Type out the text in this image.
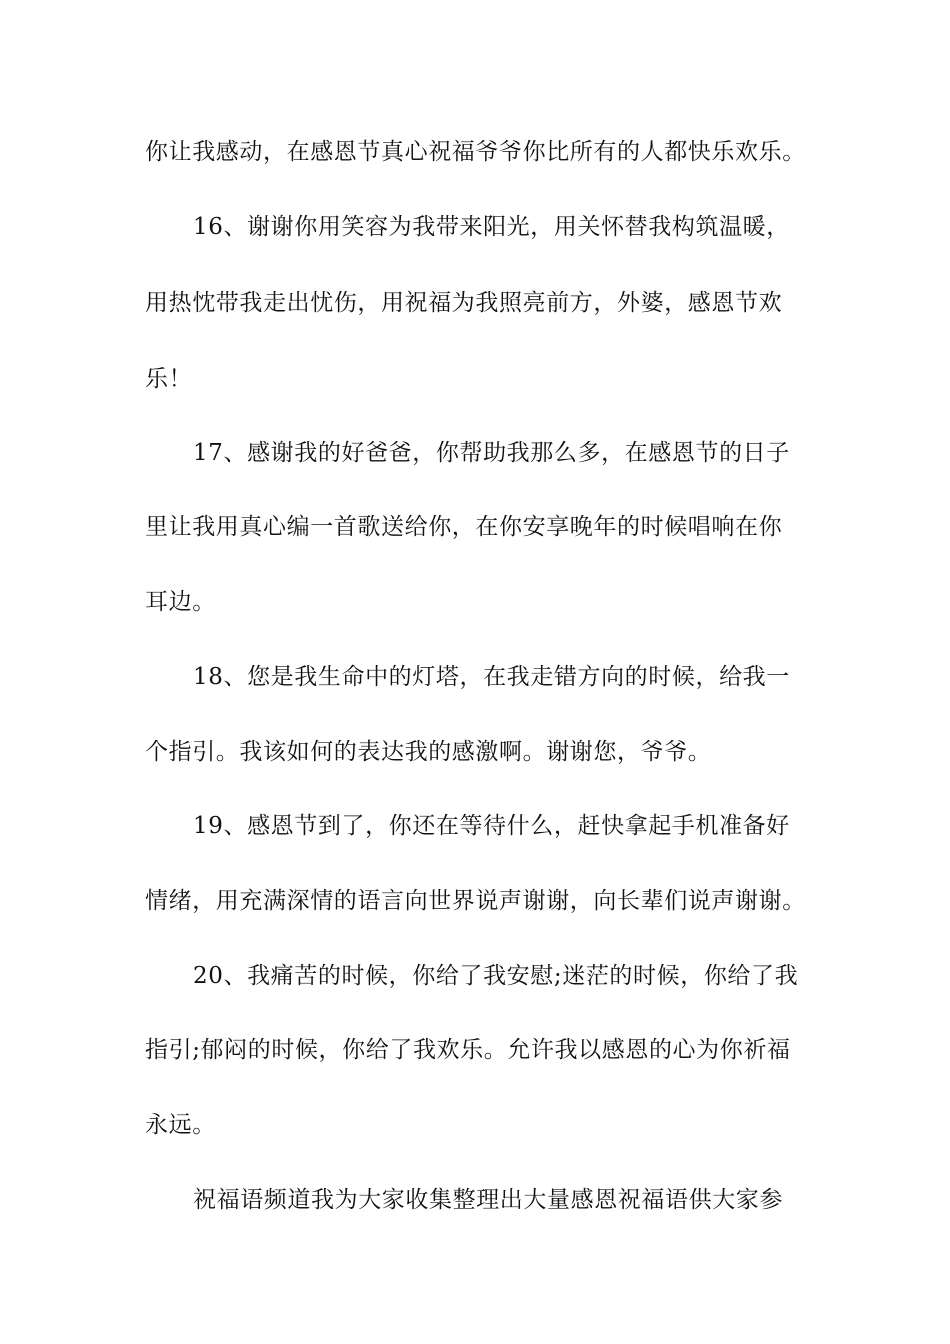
你让我感动，在感恩节真心祝福爷爷你比所有的人都快乐欢乐。
16、谢谢你用笑容为我带来阳光，用关怀替我构筑温暖，
用热忱带我走出忧伤，用祝福为我照亮前方，外婆，感恩节欢
乐！
17、感谢我的好爸爸，你帮助我那么多，在感恩节的日子
里让我用真心编一首歌送给你，在你安享晚年的时候唱响在你
耳边。
18、您是我生命中的灯塔，在我走错方向的时候，给我一
个指引。我该如何的表达我的感激啊。谢谢您，爷爷。
19、感恩节到了，你还在等待什么，赶快拿起手机准备好
情绪，用充满深情的语言向世界说声谢谢，向长辈们说声谢谢。
20、我痛苦的时候，你给了我安慰;迷茫的时候，你给了我
指引;郁闷的时候，你给了我欢乐。允许我以感恩的心为你祈福
永远。
祝福语频道我为大家收集整理出大量感恩祝福语供大家参
